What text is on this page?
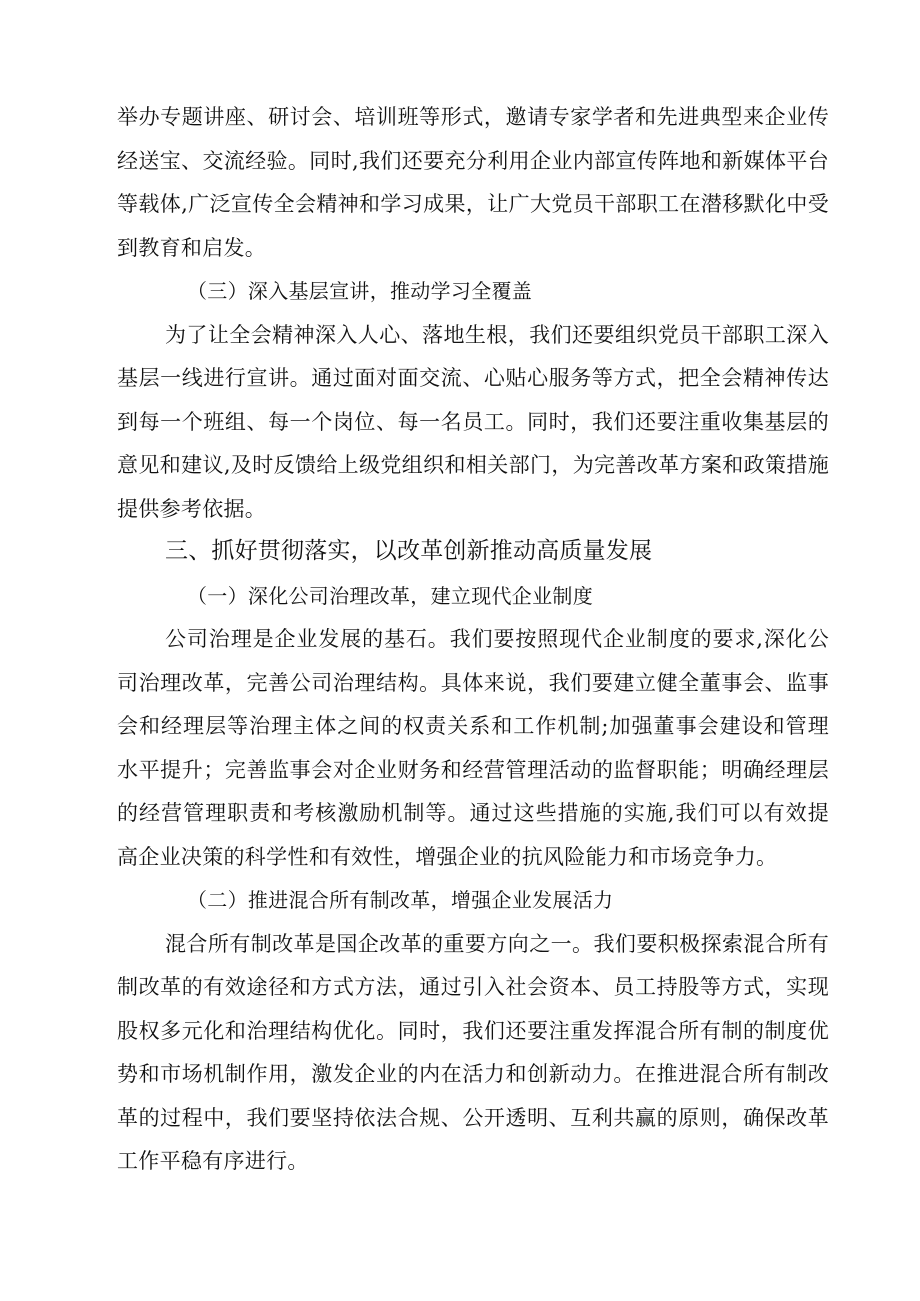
举办专题讲座、研讨会、培训班等形式，邀请专家学者和先进典型来企业传
经送宝、交流经验。同时,我们还要充分利用企业内部宣传阵地和新媒体平台
等载体,广泛宣传全会精神和学习成果，让广大党员干部职工在潜移默化中受
到教育和启发。
（三）深入基层宣讲，推动学习全覆盖
为了让全会精神深入人心、落地生根，我们还要组织党员干部职工深入
基层一线进行宣讲。通过面对面交流、心贴心服务等方式，把全会精神传达
到每一个班组、每一个岗位、每一名员工。同时，我们还要注重收集基层的
意见和建议,及时反馈给上级党组织和相关部门，为完善改革方案和政策措施
提供参考依据。
三、抓好贯彻落实，以改革创新推动高质量发展
（一）深化公司治理改革，建立现代企业制度
公司治理是企业发展的基石。我们要按照现代企业制度的要求,深化公
司治理改革，完善公司治理结构。具体来说，我们要建立健全董事会、监事
会和经理层等治理主体之间的权责关系和工作机制;加强董事会建设和管理
水平提升；完善监事会对企业财务和经营管理活动的监督职能；明确经理层
的经营管理职责和考核激励机制等。通过这些措施的实施,我们可以有效提
高企业决策的科学性和有效性，增强企业的抗风险能力和市场竞争力。
（二）推进混合所有制改革，增强企业发展活力
混合所有制改革是国企改革的重要方向之一。我们要积极探索混合所有
制改革的有效途径和方式方法，通过引入社会资本、员工持股等方式，实现
股权多元化和治理结构优化。同时，我们还要注重发挥混合所有制的制度优
势和市场机制作用，激发企业的内在活力和创新动力。在推进混合所有制改
革的过程中，我们要坚持依法合规、公开透明、互利共赢的原则，确保改革
工作平稳有序进行。
